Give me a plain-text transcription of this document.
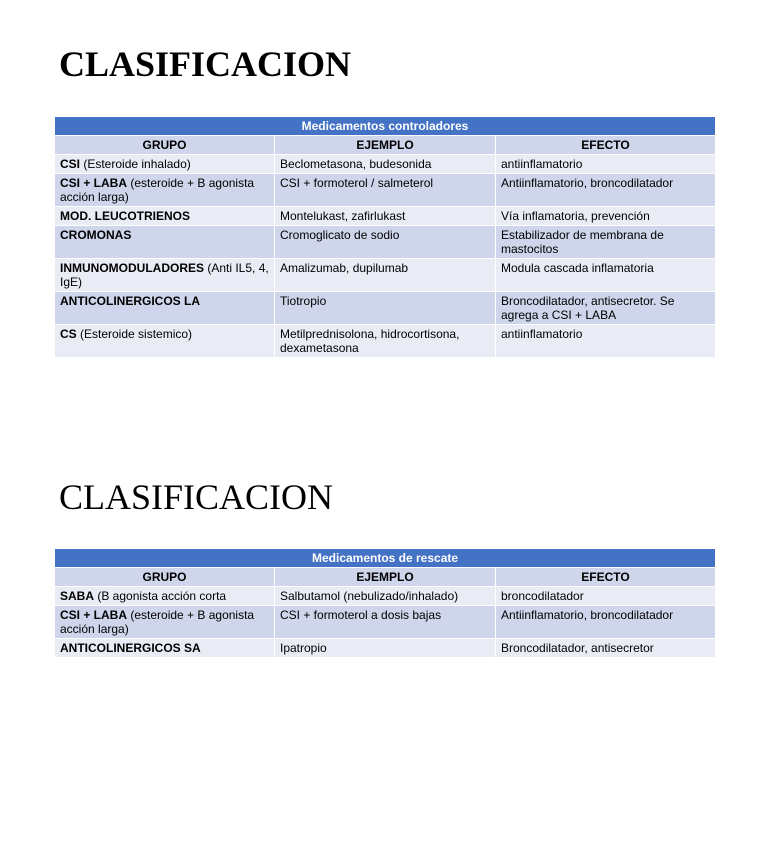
CLASIFICACION
Medicamentos controladores		
GRUPO	EJEMPLO	EFECTO
CSI (Esteroide inhalado)	Beclometasona, budesonida	antiinflamatorio
CSI + LABA (esteroide + B agonista acción larga)	CSI + formoterol / salmeterol	Antiinflamatorio, broncodilatador
MOD. LEUCOTRIENOS	Montelukast, zafirlukast	Vía inflamatoria, prevención
CROMONAS	Cromoglicato de sodio	Estabilizador de membrana de mastocitos
INMUNOMODULADORES (Anti IL5, 4, IgE)	Amalizumab, dupilumab	Modula cascada inflamatoria
ANTICOLINERGICOS LA	Tiotropio	Broncodilatador, antisecretor. Se agrega a CSI + LABA
CS (Esteroide sistemico)	Metilprednisolona, hidrocortisona, dexametasona	antiinflamatorio
CLASIFICACION
Medicamentos de rescate		
GRUPO	EJEMPLO	EFECTO
SABA (B agonista acción corta	Salbutamol (nebulizado/inhalado)	broncodilatador
CSI + LABA (esteroide + B agonista acción larga)	CSI + formoterol a dosis bajas	Antiinflamatorio, broncodilatador
ANTICOLINERGICOS SA	Ipatropio	Broncodilatador, antisecretor
